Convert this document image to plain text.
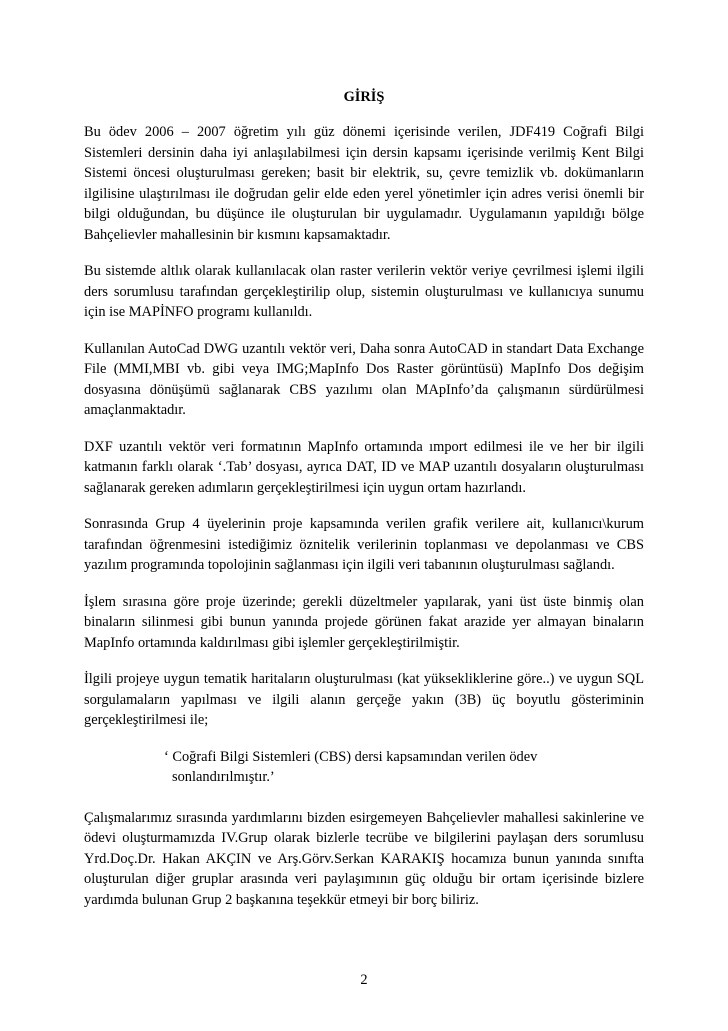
GİRİŞ

Bu ödev 2006 – 2007 öğretim yılı güz dönemi içerisinde verilen, JDF419 Coğrafi Bilgi Sistemleri dersinin daha iyi anlaşılabilmesi için dersin kapsamı içerisinde verilmiş Kent Bilgi Sistemi öncesi oluşturulması gereken; basit bir elektrik, su, çevre temizlik vb. dokümanların ilgilisine ulaştırılması ile doğrudan gelir elde eden yerel yönetimler için adres verisi önemli bir bilgi olduğundan, bu düşünce ile oluşturulan bir uygulamadır. Uygulamanın yapıldığı bölge Bahçelievler mahallesinin bir kısmını kapsamaktadır.

Bu sistemde altlık olarak kullanılacak olan raster verilerin vektör veriye çevrilmesi işlemi ilgili ders sorumlusu tarafından gerçekleştirilip olup, sistemin oluşturulması ve kullanıcıya sunumu için ise MAPİNFO programı kullanıldı.

Kullanılan AutoCad DWG uzantılı vektör veri, Daha sonra AutoCAD in standart Data Exchange File (MMI,MBI vb. gibi veya IMG;MapInfo Dos Raster görüntüsü) MapInfo Dos değişim dosyasına dönüşümü sağlanarak CBS yazılımı olan MApInfo’da çalışmanın sürdürülmesi amaçlanmaktadır.

DXF uzantılı vektör veri formatının MapInfo ortamında ımport edilmesi ile ve her bir ilgili katmanın farklı olarak ‘.Tab’ dosyası, ayrıca DAT, ID ve MAP uzantılı dosyaların oluşturulması sağlanarak gereken adımların gerçekleştirilmesi için uygun ortam hazırlandı.

Sonrasında Grup 4 üyelerinin proje kapsamında verilen grafik verilere ait, kullanıcı\kurum tarafından öğrenmesini istediğimiz öznitelik verilerinin toplanması ve depolanması ve CBS yazılım programında topolojinin sağlanması için ilgili veri tabanının oluşturulması sağlandı.

İşlem sırasına göre proje üzerinde; gerekli düzeltmeler yapılarak, yani üst üste binmiş olan binaların silinmesi gibi bunun yanında projede görünen fakat arazide yer almayan binaların MapInfo ortamında kaldırılması gibi işlemler gerçekleştirilmiştir.

İlgili projeye uygun tematik haritaların oluşturulması (kat yüksekliklerine göre..) ve uygun SQL sorgulamaların yapılması ve ilgili alanın gerçeğe yakın (3B) üç boyutlu gösteriminin gerçekleştirilmesi ile;

‘ Coğrafi Bilgi Sistemleri (CBS) dersi kapsamından verilen ödev
sonlandırılmıştır.’

Çalışmalarımız sırasında yardımlarını bizden esirgemeyen Bahçelievler mahallesi sakinlerine ve ödevi oluşturmamızda IV.Grup olarak bizlerle tecrübe ve bilgilerini paylaşan ders sorumlusu Yrd.Doç.Dr. Hakan AKÇIN ve Arş.Görv.Serkan KARAKIŞ hocamıza bunun yanında sınıfta oluşturulan diğer gruplar arasında veri paylaşımının güç olduğu bir ortam içerisinde bizlere yardımda bulunan Grup 2 başkanına teşekkür etmeyi bir borç biliriz.

2
